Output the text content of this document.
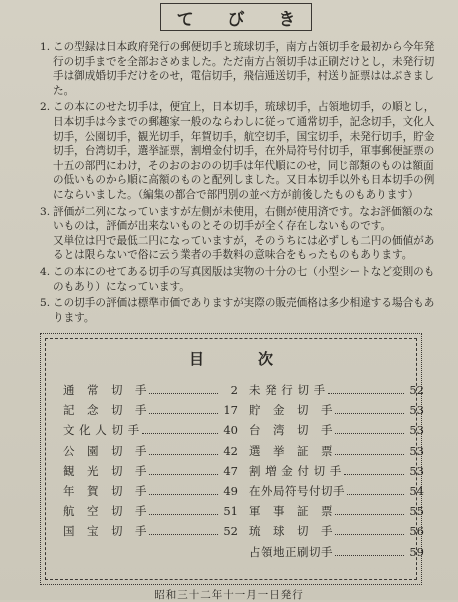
て び き
1. この型録は日本政府発行の郵便切手と琉球切手，南方占領切手を最初から今年発行の切手までを全部おさめました。ただ南方占領切手は正刷だけとし，未発行切手は御成婚切手だけをのせ，電信切手，飛信逓送切手，村送り証票ははぶきました。

2. この本にのせた切手は，便宜上，日本切手，琉球切手，占領地切手，の順とし，日本切手は今までの郵趣家一般のならわしに従って通常切手，記念切手，文化人切手，公園切手，観光切手，年賀切手，航空切手，国宝切手，未発行切手，貯金切手，台湾切手，選挙証票，割増金付切手，在外局符号付切手，軍事郵便証票の十五の部門にわけ，そのおのおのの切手は年代順にのせ，同じ部類のものは額面の低いものから順に高額のものと配列しました。又日本切手以外も日本切手の例にならいました。（編集の都合で部門別の並べ方が前後したものもあります）

3. 評価が二列になっていますが左側が未使用，右側が使用済です。なお評価額のないものは，評価が出来ないものとその切手が全く存在しないものです。

又単位は円で最低二円になっていますが，そのうちには必ずしも二円の価値があるとは限らないで俗に云う業者の手数料の意味合をもったものもあります。

4. この本にのせてある切手の写真図版は実物の十分の七（小型シートなど変則のものもあり）になっています。

5. この切手の評価は標準市価でありますが実際の販売価格は多少相違する場合もあります。

目次
通　常　切　手	2
記　念　切　手	17
文 化 人 切 手	40
公　園　切　手	42
観　光　切　手	47
年　賀　切　手	49
航　空　切　手	51
国　宝　切　手	52
未 発 行 切 手	52
貯　金　切　手	53
台　湾　切　手	53
選　挙　証　票	53
割 増 金 付 切 手	53
在外局符号付切手	54
軍　事　証　票	55
琉　球　切　手	56
占領地正刷切手	59
昭和三十二年十一月一日発行
